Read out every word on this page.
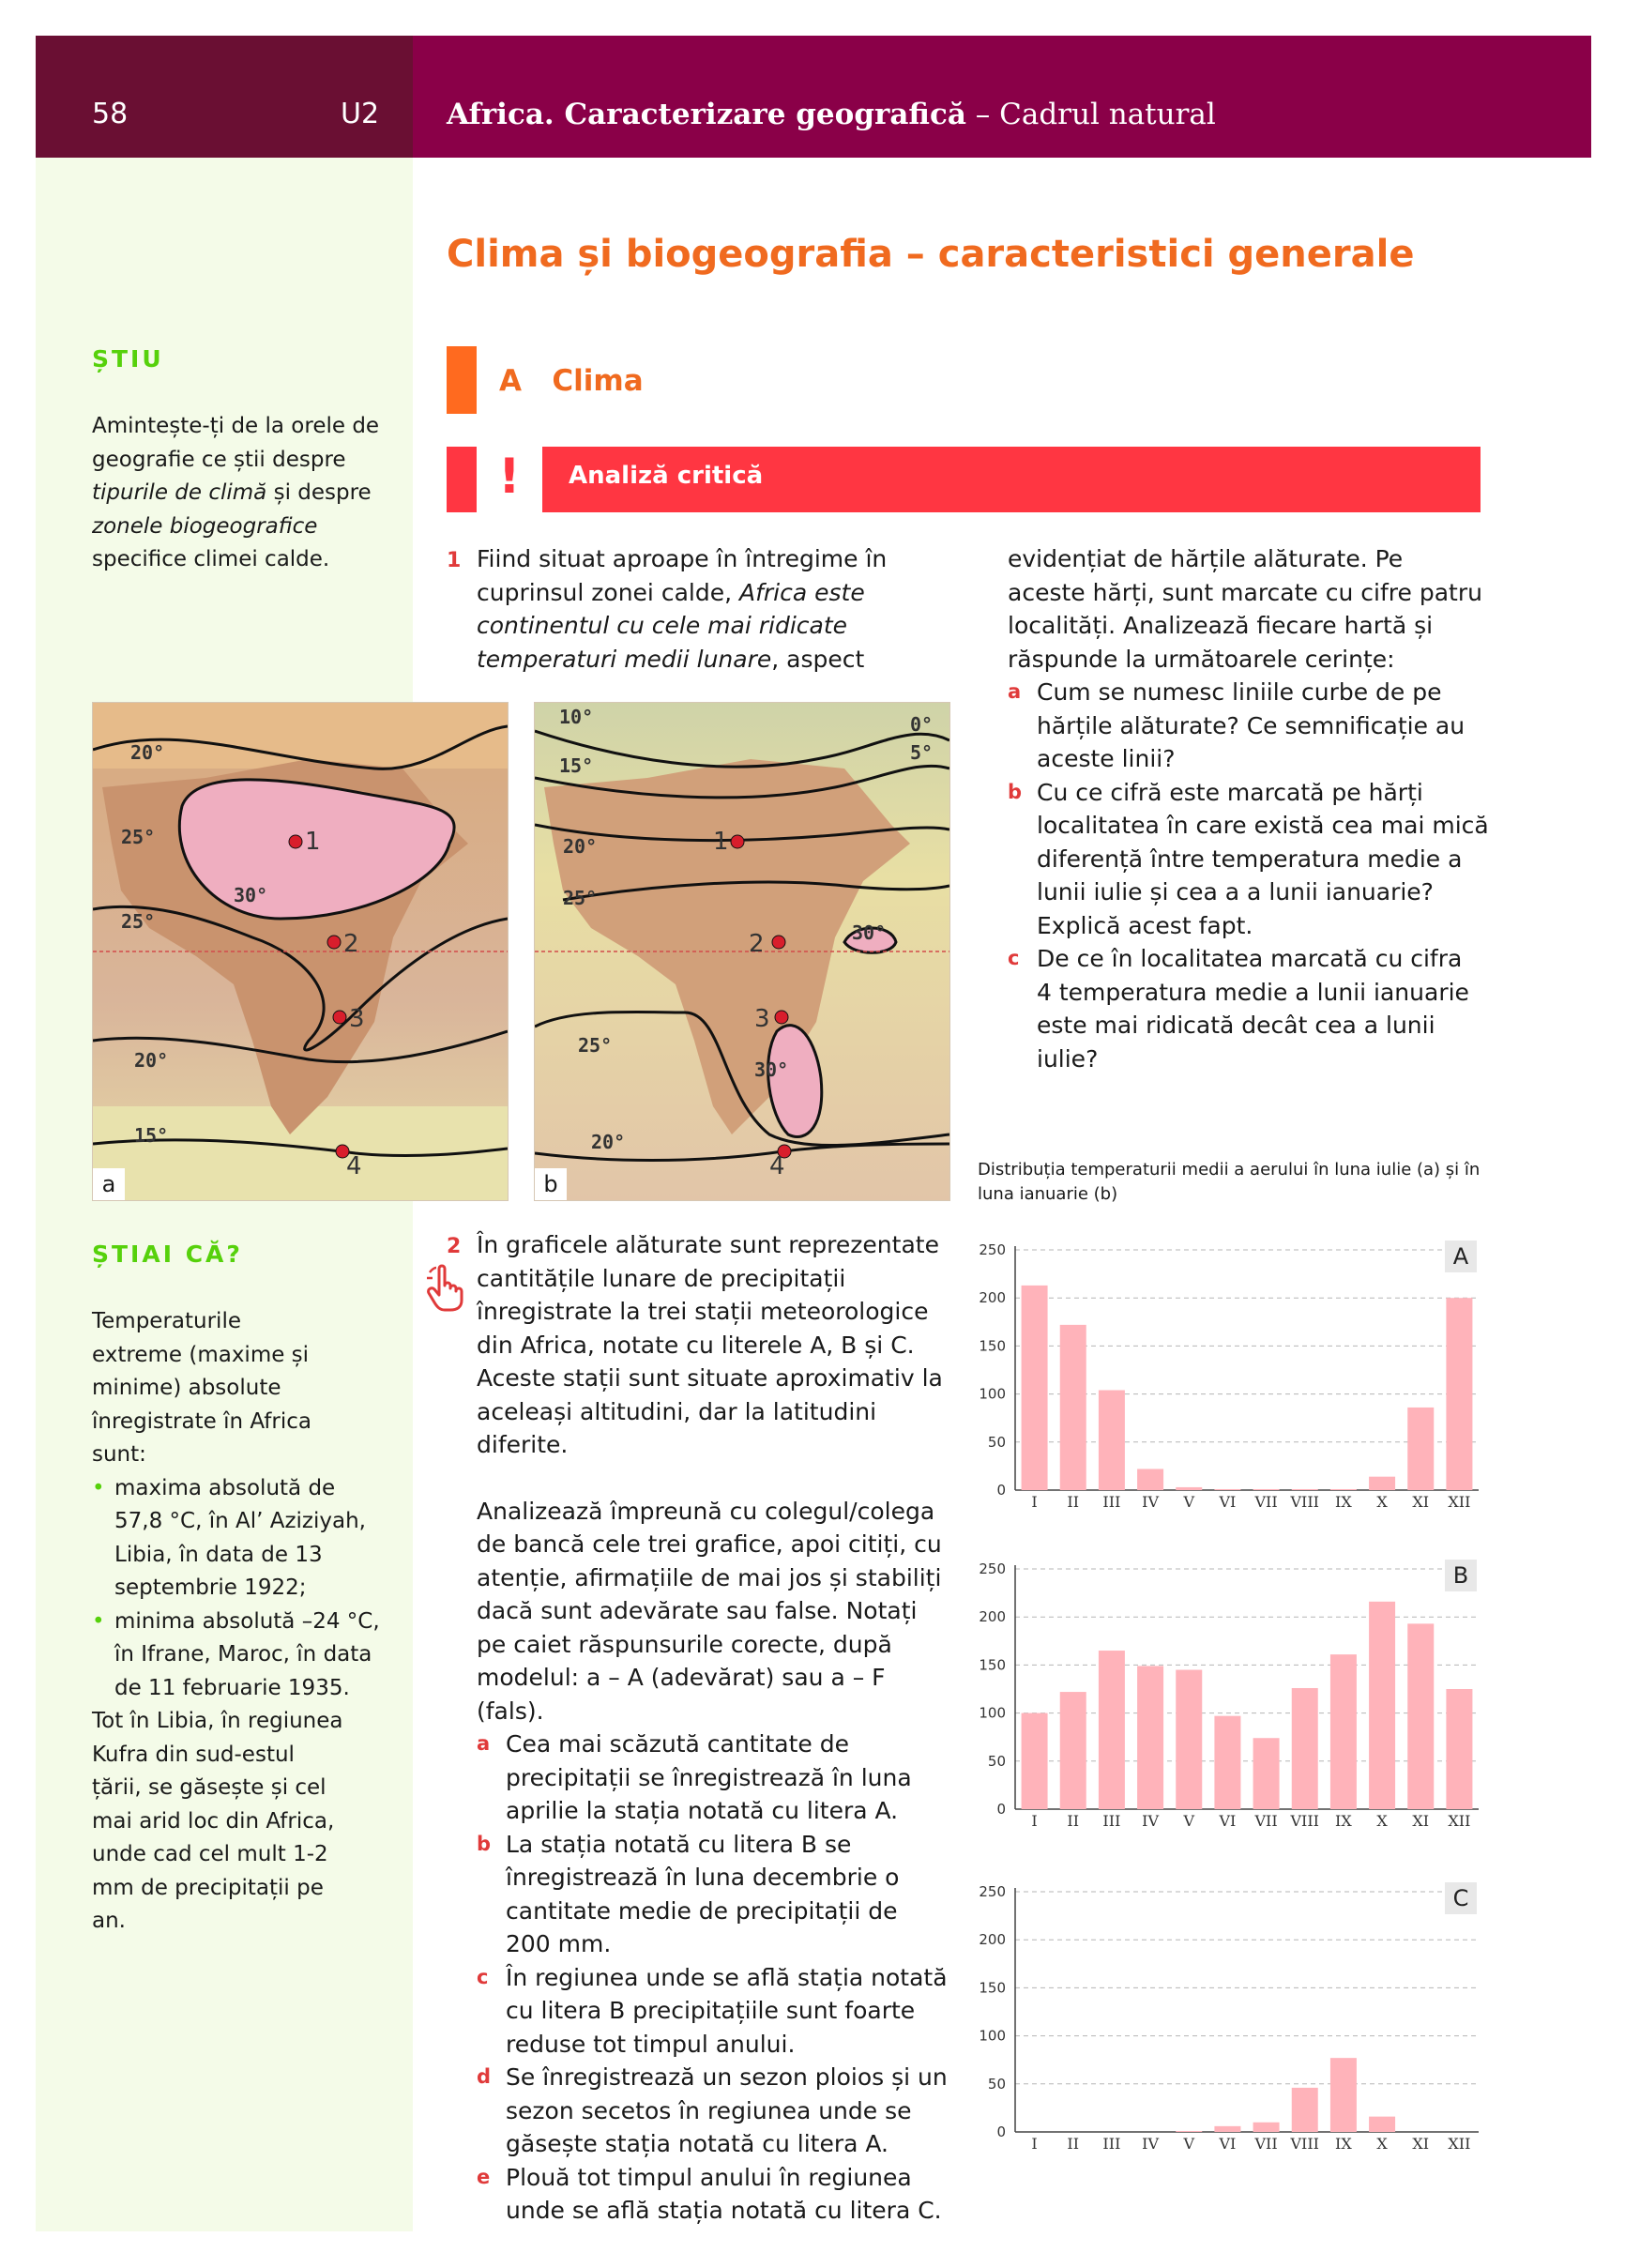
58	U2 Africa. Caracterizare geografică – Cadrul natural
ȘTIU
Amintește-ți de la orele de geografie ce știi despre tipurile de climă și despre zonele biogeografice specifice climei calde.
ȘTIAI CĂ?
Temperaturile extreme (maxime și minime) absolute înregistrate în Africa sunt:
• maxima absolută de 57,8 °C, în Al’ Aziziyah, Libia, în data de 13 septembrie 1922;
• minima absolută –24 °C, în Ifrane, Maroc, în data de 11 februarie 1935.
Tot în Libia, în regiunea Kufra din sud-estul țării, se găsește și cel mai arid loc din Africa, unde cad cel mult 1-2 mm de precipitații pe an.
Clima și biogeografia – caracteristici generale
A Clima
! Analiză critică
1 Fiind situat aproape în întregime în cuprinsul zonei calde, Africa este continentul cu cele mai ridicate temperaturi medii lunare, aspect
evidențiat de hărțile alăturate. Pe aceste hărți, sunt marcate cu cifre patru localități. Analizează fiecare hartă și răspunde la următoarele cerințe:
a Cum se numesc liniile curbe de pe hărțile alăturate? Ce semnificație au aceste linii?
b Cu ce cifră este marcată pe hărți localitatea în care există cea mai mică diferență între temperatura medie a lunii iulie și cea a a lunii ianuarie? Explică acest fapt.
c De ce în localitatea marcată cu cifra 4 temperatura medie a lunii ianuarie este mai ridicată decât cea a lunii iulie?
20°
25°
30°
25°
20°
15°
1
2
3
4
a
10°	0°
5°
15°
20°
25°
30°
25°
30°
20°
1
2
3
4
b
Distribuția temperaturii medii a aerului în luna iulie (a) și în luna ianuarie (b)
2 În graficele alăturate sunt reprezentate cantitățile lunare de precipitații înregistrate la trei stații meteorologice din Africa, notate cu literele A, B și C. Aceste stații sunt situate aproximativ la aceleași altitudini, dar la latitudini diferite.
Analizează împreună cu colegul/colega de bancă cele trei grafice, apoi citiți, cu atenție, afirmațiile de mai jos și stabiliți dacă sunt adevărate sau false. Notați pe caiet răspunsurile corecte, după modelul: a – A (adevărat) sau a – F (fals).
a Cea mai scăzută cantitate de precipitații se înregistrează în luna aprilie la stația notată cu litera A.
b La stația notată cu litera B se înregistrează în luna decembrie o cantitate medie de precipitații de 200 mm.
c În regiunea unde se află stația notată cu litera B precipitațiile sunt foarte reduse tot timpul anului.
d Se înregistrează un sezon ploios și un sezon secetos în regiunea unde se găsește stația notată cu litera A.
e Plouă tot timpul anului în regiunea unde se află stația notată cu litera C.
0
50
100
150
200
250
I II III IV V VI VII VIII IX X XI XII
A
0
50
100
150
200
250
I II III IV V VI VII VIII IX X XI XII
B
0
50
100
150
200
250
I II III IV V VI VII VIII IX X XI XII
C
